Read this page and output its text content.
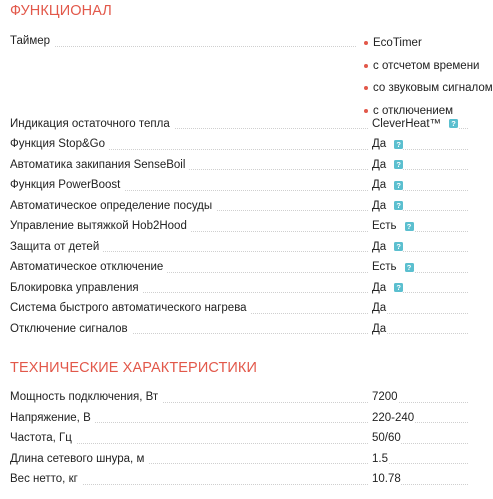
ФУНКЦИОНАЛ
Таймер	EcoTimer
с отсчетом времени
со звуковым сигналом
с отключением
Индикация остаточного тепла	CleverHeat™ ?
Функция Stop&Go	Да ?
Автоматика закипания SenseBoil	Да ?
Функция PowerBoost	Да ?
Автоматическое определение посуды	Да ?
Управление вытяжкой Hob2Hood	Есть ?
Защита от детей	Да ?
Автоматическое отключение	Есть ?
Блокировка управления	Да ?
Система быстрого автоматического нагрева	Да
Отключение сигналов	Да
ТЕХНИЧЕСКИЕ ХАРАКТЕРИСТИКИ
Мощность подключения, Вт	7200
Напряжение, В	220-240
Частота, Гц	50/60
Длина сетевого шнура, м	1.5
Вес нетто, кг	10.78
